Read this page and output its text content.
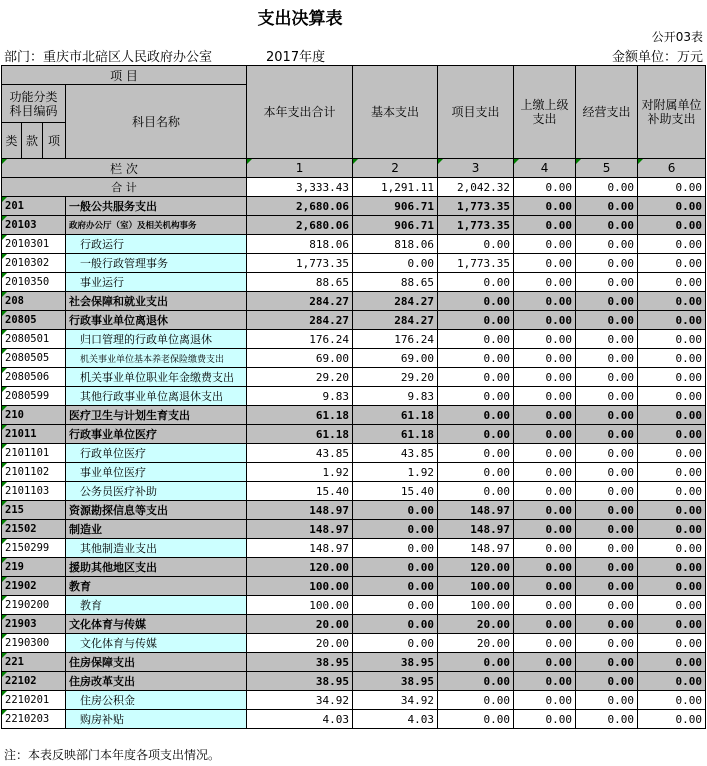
支出决算表
公开03表
部门：重庆市北碚区人民政府办公室	2017年度	金额单位：万元
项 目				本年支出合计	基本支出	项目支出	上缴上级支出	经营支出	对附属单位补助支出
功能分类科目编码			科目名称						

类	款	项							
栏 次				1	2	3	4	5	6
合 计				3,333.43	1,291.11	2,042.32	0.00	0.00	0.00
201			一般公共服务支出	2,680.06	906.71	1,773.35	0.00	0.00	0.00
20103			政府办公厅（室）及相关机构事务	2,680.06	906.71	1,773.35	0.00	0.00	0.00
2010301			行政运行	818.06	818.06	0.00	0.00	0.00	0.00
2010302			一般行政管理事务	1,773.35	0.00	1,773.35	0.00	0.00	0.00
2010350			事业运行	88.65	88.65	0.00	0.00	0.00	0.00
208			社会保障和就业支出	284.27	284.27	0.00	0.00	0.00	0.00
20805			行政事业单位离退休	284.27	284.27	0.00	0.00	0.00	0.00
2080501			归口管理的行政单位离退休	176.24	176.24	0.00	0.00	0.00	0.00
2080505			机关事业单位基本养老保险缴费支出	69.00	69.00	0.00	0.00	0.00	0.00
2080506			机关事业单位职业年金缴费支出	29.20	29.20	0.00	0.00	0.00	0.00
2080599			其他行政事业单位离退休支出	9.83	9.83	0.00	0.00	0.00	0.00
210			医疗卫生与计划生育支出	61.18	61.18	0.00	0.00	0.00	0.00
21011			行政事业单位医疗	61.18	61.18	0.00	0.00	0.00	0.00
2101101			行政单位医疗	43.85	43.85	0.00	0.00	0.00	0.00
2101102			事业单位医疗	1.92	1.92	0.00	0.00	0.00	0.00
2101103			公务员医疗补助	15.40	15.40	0.00	0.00	0.00	0.00
215			资源勘探信息等支出	148.97	0.00	148.97	0.00	0.00	0.00
21502			制造业	148.97	0.00	148.97	0.00	0.00	0.00
2150299			其他制造业支出	148.97	0.00	148.97	0.00	0.00	0.00
219			援助其他地区支出	120.00	0.00	120.00	0.00	0.00	0.00
21902			教育	100.00	0.00	100.00	0.00	0.00	0.00
2190200			教育	100.00	0.00	100.00	0.00	0.00	0.00
21903			文化体育与传媒	20.00	0.00	20.00	0.00	0.00	0.00
2190300			文化体育与传媒	20.00	0.00	20.00	0.00	0.00	0.00
221			住房保障支出	38.95	38.95	0.00	0.00	0.00	0.00
22102			住房改革支出	38.95	38.95	0.00	0.00	0.00	0.00
2210201			住房公积金	34.92	34.92	0.00	0.00	0.00	0.00
2210203			购房补贴	4.03	4.03	0.00	0.00	0.00	0.00
注：本表反映部门本年度各项支出情况。
